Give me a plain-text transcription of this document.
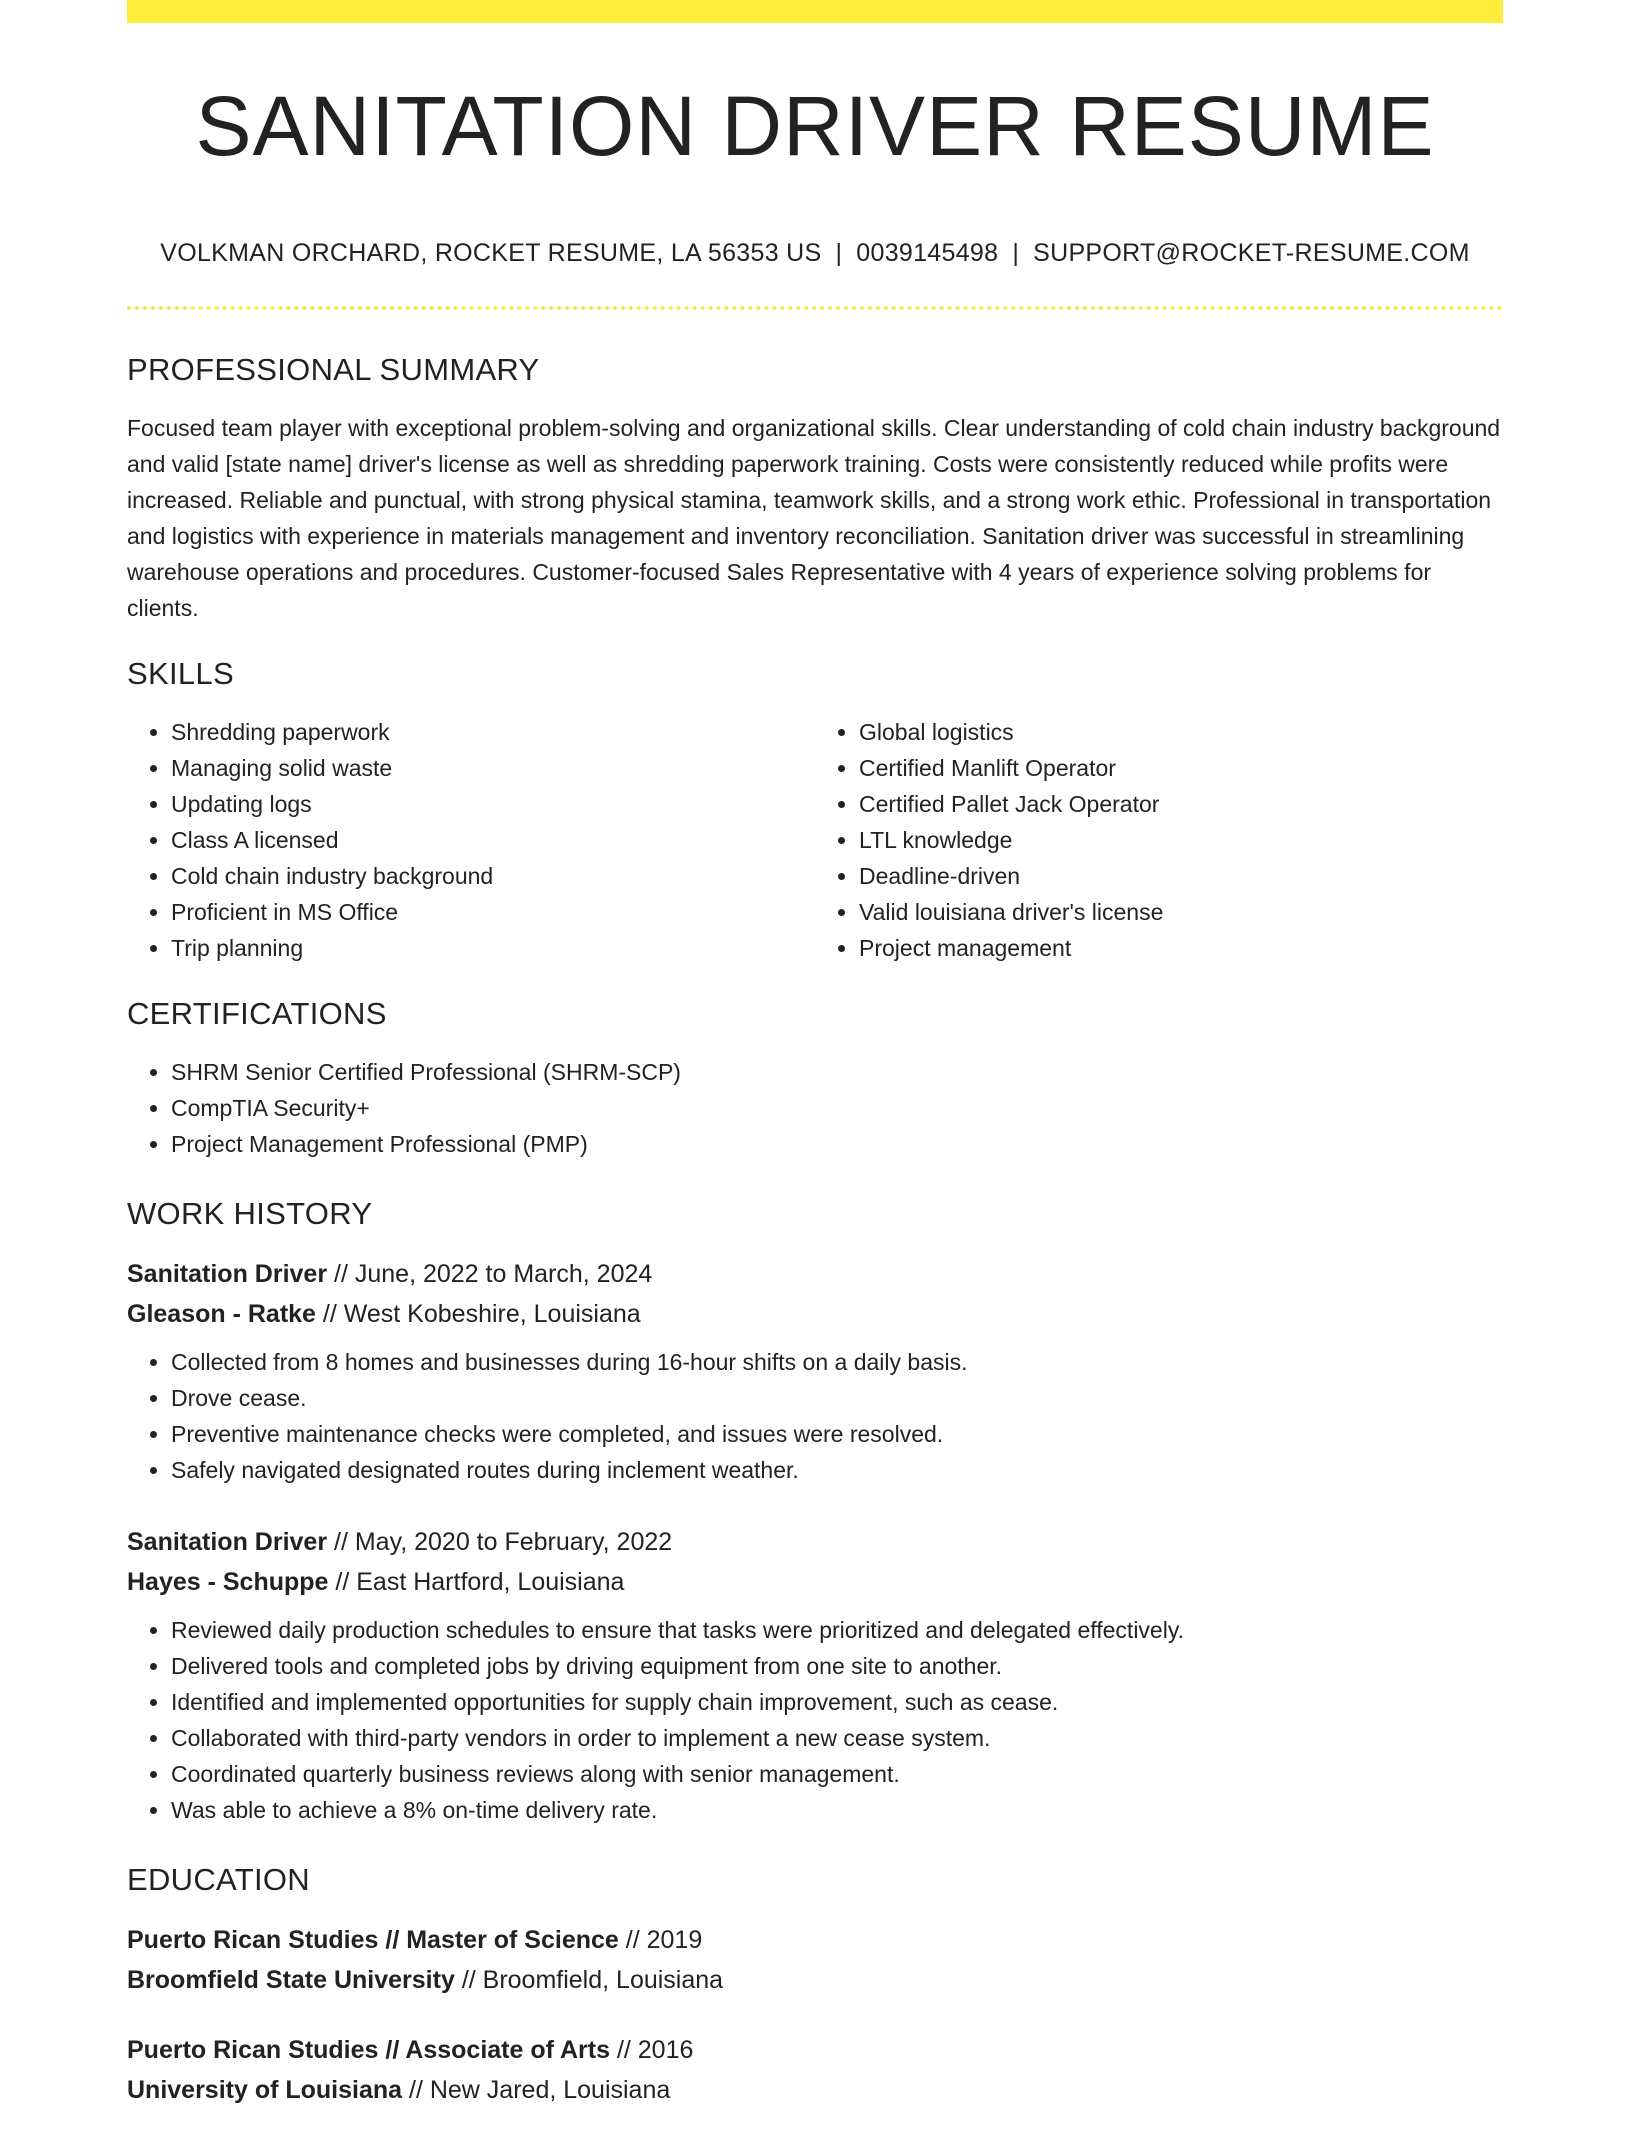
SANITATION DRIVER RESUME
VOLKMAN ORCHARD, ROCKET RESUME, LA 56353 US | 0039145498 | SUPPORT@ROCKET-RESUME.COM
PROFESSIONAL SUMMARY

Focused team player with exceptional problem-solving and organizational skills. Clear understanding of cold chain industry background and valid [state name] driver's license as well as shredding paperwork training. Costs were consistently reduced while profits were increased. Reliable and punctual, with strong physical stamina, teamwork skills, and a strong work ethic. Professional in transportation and logistics with experience in materials management and inventory reconciliation. Sanitation driver was successful in streamlining warehouse operations and procedures. Customer-focused Sales Representative with 4 years of experience solving problems for clients.

SKILLS
• Shredding paperwork
• Managing solid waste
• Updating logs
• Class A licensed
• Cold chain industry background
• Proficient in MS Office
• Trip planning
• Global logistics
• Certified Manlift Operator
• Certified Pallet Jack Operator
• LTL knowledge
• Deadline-driven
• Valid louisiana driver's license
• Project management
CERTIFICATIONS
• SHRM Senior Certified Professional (SHRM-SCP)
• CompTIA Security+
• Project Management Professional (PMP)
WORK HISTORY
Sanitation Driver // June, 2022 to March, 2024
Gleason - Ratke // West Kobeshire, Louisiana
• Collected from 8 homes and businesses during 16-hour shifts on a daily basis.
• Drove cease.
• Preventive maintenance checks were completed, and issues were resolved.
• Safely navigated designated routes during inclement weather.
Sanitation Driver // May, 2020 to February, 2022
Hayes - Schuppe // East Hartford, Louisiana
• Reviewed daily production schedules to ensure that tasks were prioritized and delegated effectively.
• Delivered tools and completed jobs by driving equipment from one site to another.
• Identified and implemented opportunities for supply chain improvement, such as cease.
• Collaborated with third-party vendors in order to implement a new cease system.
• Coordinated quarterly business reviews along with senior management.
• Was able to achieve a 8% on-time delivery rate.
EDUCATION
Puerto Rican Studies // Master of Science // 2019
Broomfield State University // Broomfield, Louisiana
Puerto Rican Studies // Associate of Arts // 2016
University of Louisiana // New Jared, Louisiana
